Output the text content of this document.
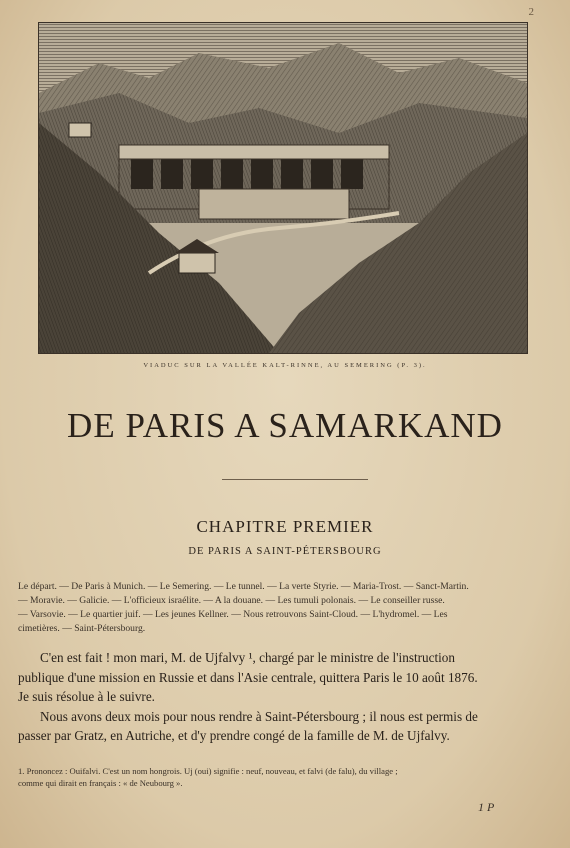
2
VIADUC SUR LA VALLÉE KALT-RINNE, AU SEMERING (P. 3).
DE PARIS A SAMARKAND
CHAPITRE PREMIER
DE PARIS A SAINT-PÉTERSBOURG
Le départ. — De Paris à Munich. — Le Semering. — Le tunnel. — La verte Styrie. — Maria-Trost. — Sanct-Martin.
— Moravie. — Galicie. — L'officieux israélite. — A la douane. — Les tumuli polonais. — Le conseiller russe.
— Varsovie. — Le quartier juif. — Les jeunes Kellner. — Nous retrouvons Saint-Cloud. — L'hydromel. — Les
cimetières. — Saint-Pétersbourg.
C'en est fait ! mon mari, M. de Ujfalvy ¹, chargé par le ministre de l'instruction
publique d'une mission en Russie et dans l'Asie centrale, quittera Paris le 10 août 1876.
Je suis résolue à le suivre.
Nous avons deux mois pour nous rendre à Saint-Pétersbourg ; il nous est permis de
passer par Gratz, en Autriche, et d'y prendre congé de la famille de M. de Ujfalvy.
1. Prononcez : Ouifalvi. C'est un nom hongrois. Uj (oui) signifie : neuf, nouveau, et falvi (de falu), du village ;
comme qui dirait en français : « de Neubourg ».
1 P
